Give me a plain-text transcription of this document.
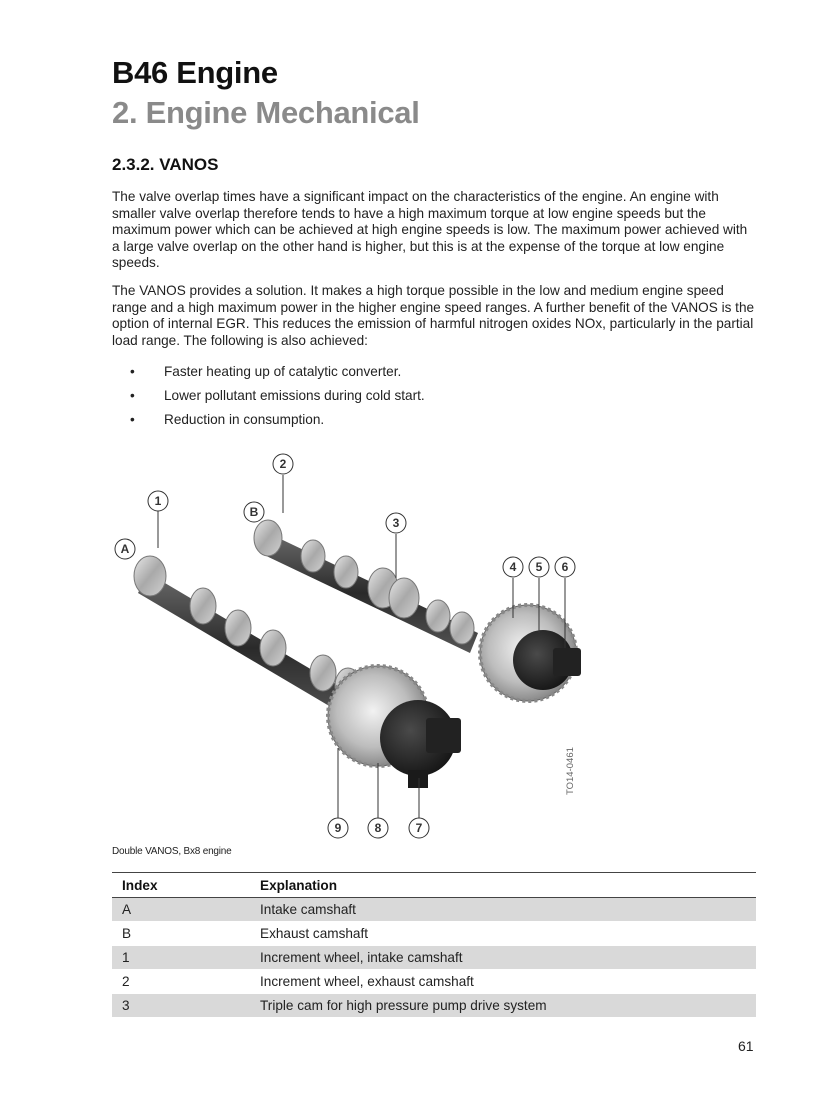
B46 Engine
2. Engine Mechanical
2.3.2. VANOS

The valve overlap times have a significant impact on the characteristics of the engine. An engine with smaller valve overlap therefore tends to have a high maximum torque at low engine speeds but the maximum power which can be achieved at high engine speeds is low. The maximum power achieved with a large valve overlap on the other hand is higher, but this is at the expense of the torque at low engine speeds.

The VANOS provides a solution. It makes a high torque possible in the low and medium engine speed range and a high maximum power in the higher engine speed ranges. A further benefit of the VANOS is the option of internal EGR. This reduces the emission of harmful nitrogen oxides NOx, particularly in the partial load range. The following is also achieved:

• Faster heating up of catalytic converter.
• Lower pollutant emissions during cold start.
• Reduction in consumption.
A
B
1
2
3
4 5 6
9	8	7
TO14-0461
Double VANOS, Bx8 engine
Index	Explanation
A	Intake camshaft
B	Exhaust camshaft
1	Increment wheel, intake camshaft
2	Increment wheel, exhaust camshaft
3	Triple cam for high pressure pump drive system
61
